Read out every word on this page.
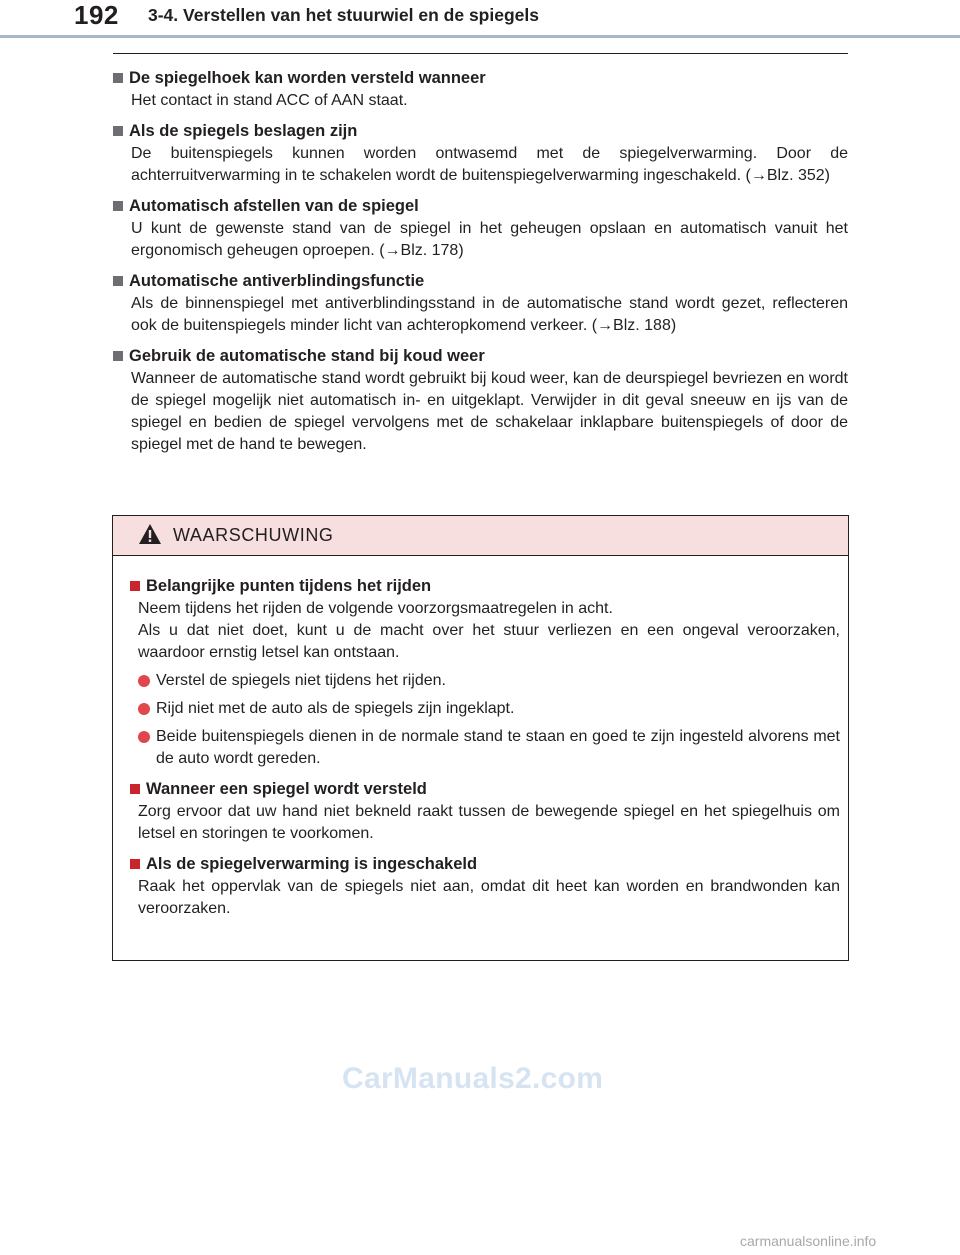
192 3-4. Verstellen van het stuurwiel en de spiegels
De spiegelhoek kan worden versteld wanneer
Het contact in stand ACC of AAN staat.
Als de spiegels beslagen zijn
De buitenspiegels kunnen worden ontwasemd met de spiegelverwarming. Door de achterruitverwarming in te schakelen wordt de buitenspiegelverwarming ingeschakeld. (→Blz. 352)
Automatisch afstellen van de spiegel
U kunt de gewenste stand van de spiegel in het geheugen opslaan en automatisch vanuit het ergonomisch geheugen oproepen. (→Blz. 178)
Automatische antiverblindingsfunctie
Als de binnenspiegel met antiverblindingsstand in de automatische stand wordt gezet, reflecteren ook de buitenspiegels minder licht van achteropkomend verkeer. (→Blz. 188)
Gebruik de automatische stand bij koud weer
Wanneer de automatische stand wordt gebruikt bij koud weer, kan de deurspiegel bevriezen en wordt de spiegel mogelijk niet automatisch in- en uitgeklapt. Verwijder in dit geval sneeuw en ijs van de spiegel en bedien de spiegel vervolgens met de schakelaar inklapbare buitenspiegels of door de spiegel met de hand te bewegen.
WAARSCHUWING
Belangrijke punten tijdens het rijden
Neem tijdens het rijden de volgende voorzorgsmaatregelen in acht.
Als u dat niet doet, kunt u de macht over het stuur verliezen en een ongeval veroorzaken, waardoor ernstig letsel kan ontstaan.
Verstel de spiegels niet tijdens het rijden.
Rijd niet met de auto als de spiegels zijn ingeklapt.
Beide buitenspiegels dienen in de normale stand te staan en goed te zijn ingesteld alvorens met de auto wordt gereden.
Wanneer een spiegel wordt versteld
Zorg ervoor dat uw hand niet bekneld raakt tussen de bewegende spiegel en het spiegelhuis om letsel en storingen te voorkomen.
Als de spiegelverwarming is ingeschakeld
Raak het oppervlak van de spiegels niet aan, omdat dit heet kan worden en brandwonden kan veroorzaken.
CarManuals2.com
carmanualsonline.info
